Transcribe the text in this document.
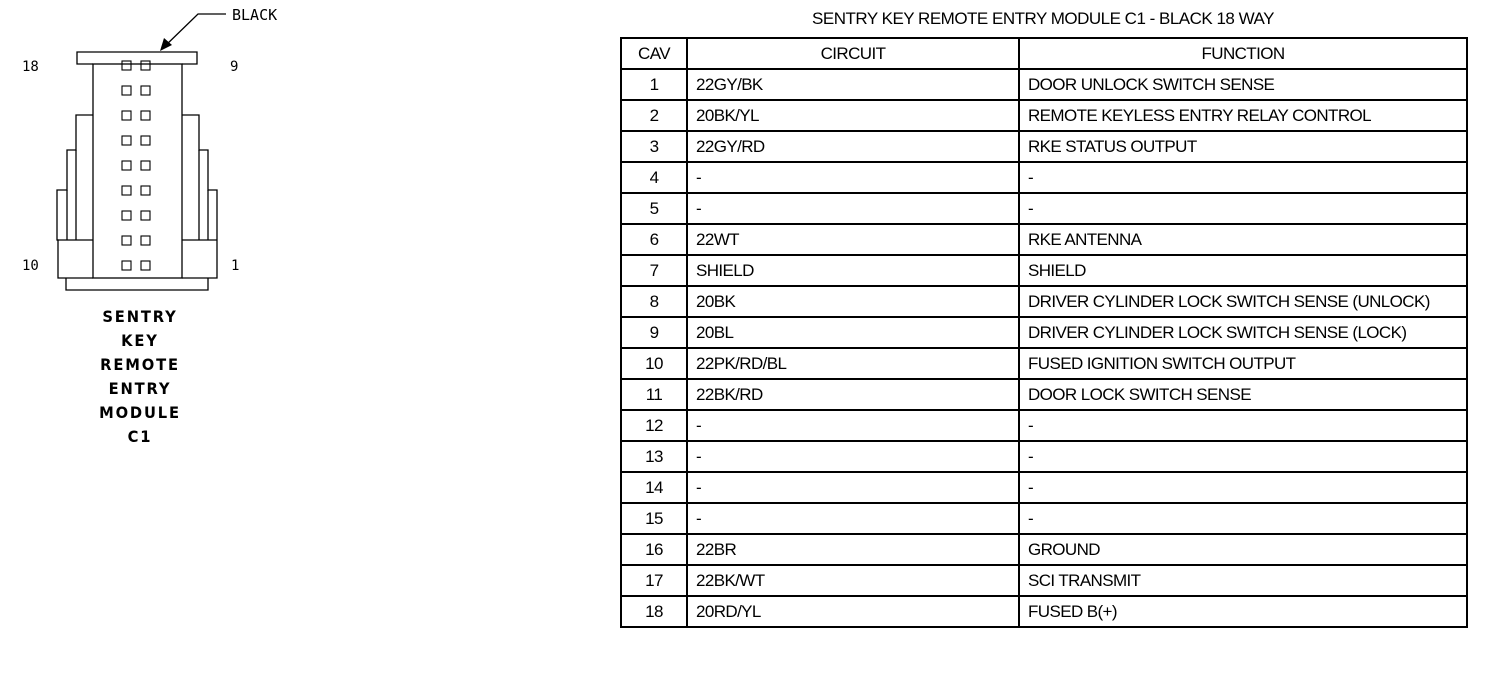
BLACK
18	9
10	1
SENTRY
KEY
REMOTE
ENTRY
MODULE
C1
SENTRY KEY REMOTE ENTRY MODULE C1 - BLACK 18 WAY
CAV	CIRCUIT	FUNCTION
1	22GY/BK	DOOR UNLOCK SWITCH SENSE
2	20BK/YL	REMOTE KEYLESS ENTRY RELAY CONTROL
3	22GY/RD	RKE STATUS OUTPUT
4	-	-
5	-	-
6	22WT	RKE ANTENNA
7	SHIELD	SHIELD
8	20BK	DRIVER CYLINDER LOCK SWITCH SENSE (UNLOCK)
9	20BL	DRIVER CYLINDER LOCK SWITCH SENSE (LOCK)
10	22PK/RD/BL	FUSED IGNITION SWITCH OUTPUT
11	22BK/RD	DOOR LOCK SWITCH SENSE
12	-	-
13	-	-
14	-	-
15	-	-
16	22BR	GROUND
17	22BK/WT	SCI TRANSMIT
18	20RD/YL	FUSED B(+)
